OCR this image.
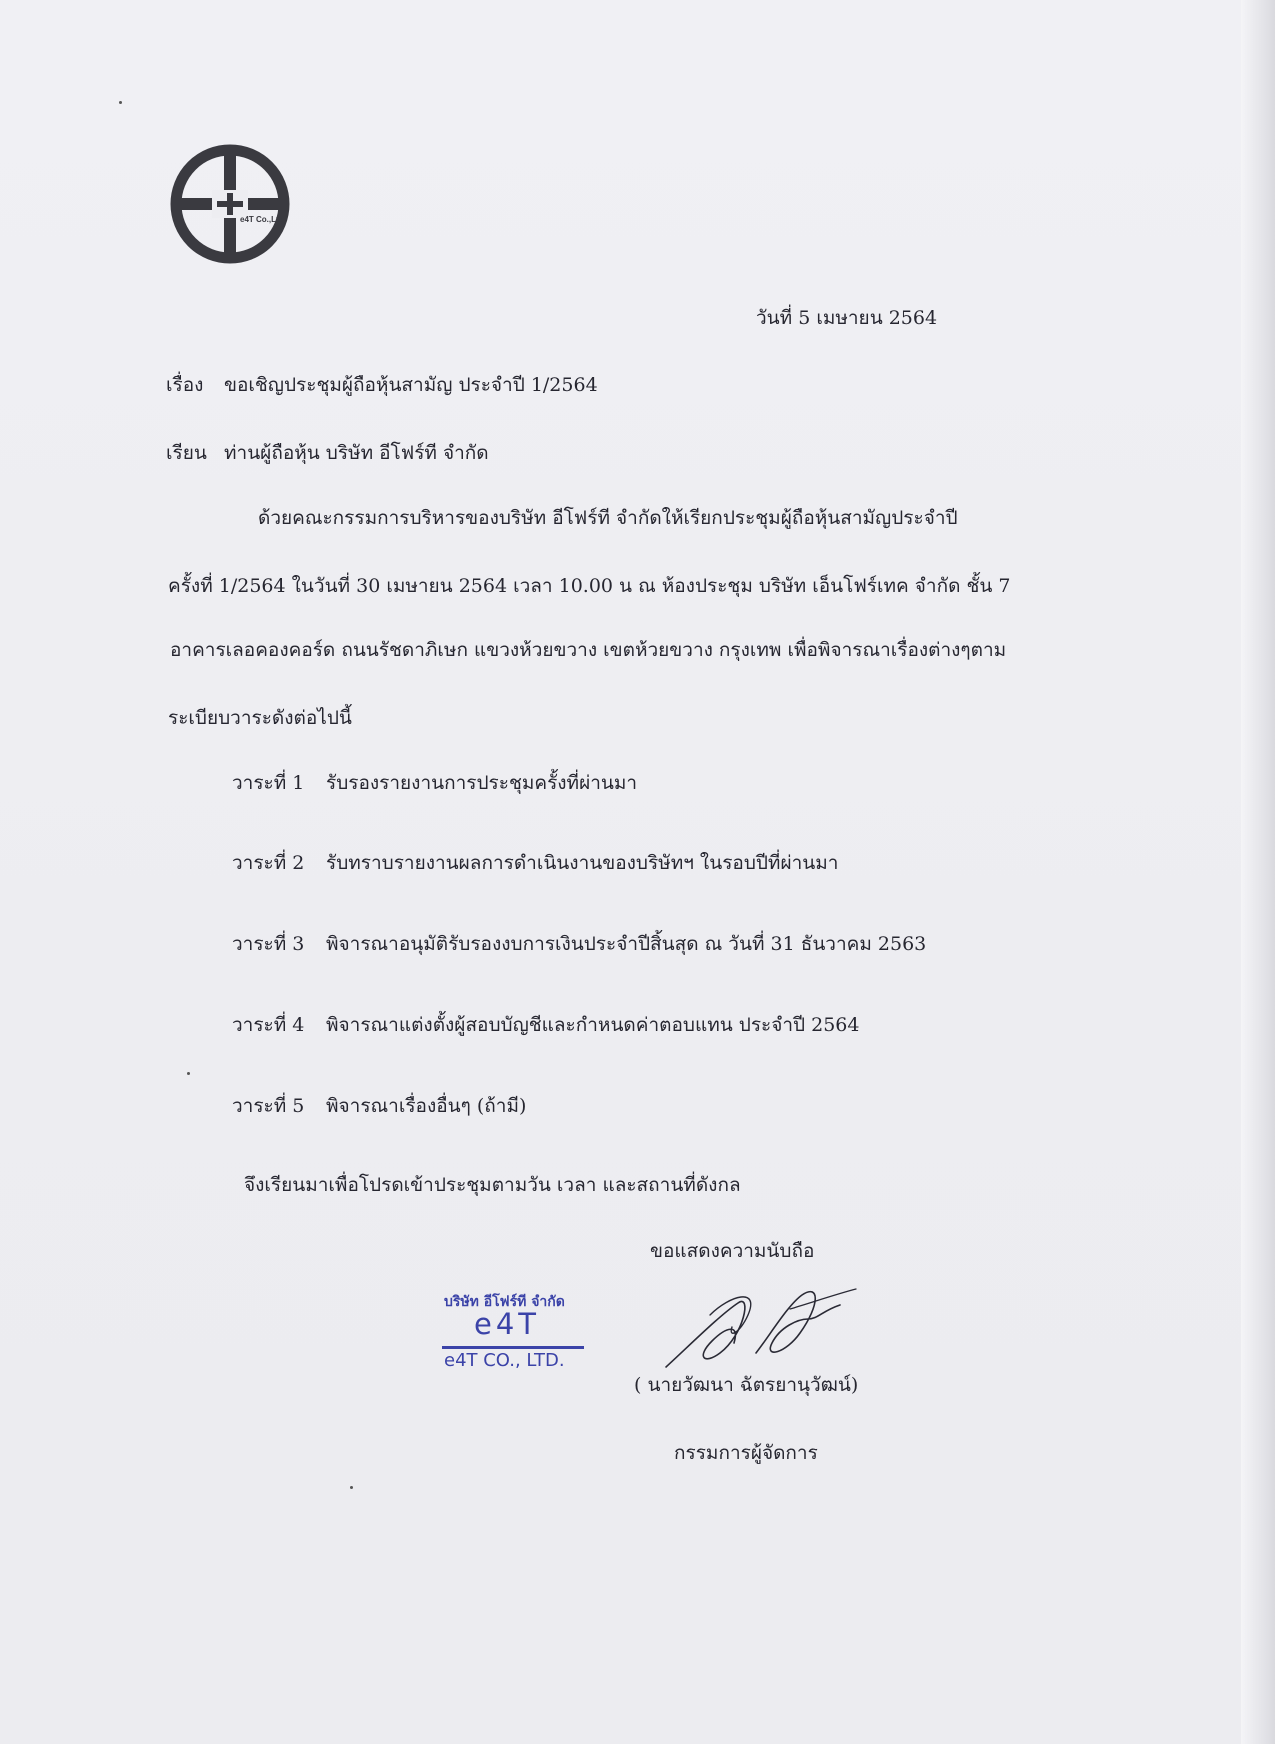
e4T Co.,Ltd
วันที่ 5 เมษายน 2564
เรื่อง ขอเชิญประชุมผู้ถือหุ้นสามัญ ประจำปี 1/2564
เรียน ท่านผู้ถือหุ้น บริษัท อีโฟร์ที จำกัด
ด้วยคณะกรรมการบริหารของบริษัท อีโฟร์ที จำกัดให้เรียกประชุมผู้ถือหุ้นสามัญประจำปี
ครั้งที่ 1/2564 ในวันที่ 30 เมษายน 2564 เวลา 10.00 น ณ ห้องประชุม บริษัท เอ็นโฟร์เทค จำกัด ชั้น 7
อาคารเลอคองคอร์ด ถนนรัชดาภิเษก แขวงห้วยขวาง เขตห้วยขวาง กรุงเทพ เพื่อพิจารณาเรื่องต่างๆตาม
ระเบียบวาระดังต่อไปนี้
วาระที่ 1 รับรองรายงานการประชุมครั้งที่ผ่านมา
วาระที่ 2 รับทราบรายงานผลการดำเนินงานของบริษัทฯ ในรอบปีที่ผ่านมา
วาระที่ 3 พิจารณาอนุมัติรับรองงบการเงินประจำปีสิ้นสุด ณ วันที่ 31 ธันวาคม 2563
วาระที่ 4 พิจารณาแต่งตั้งผู้สอบบัญชีและกำหนดค่าตอบแทน ประจำปี 2564
วาระที่ 5 พิจารณาเรื่องอื่นๆ (ถ้ามี)
จึงเรียนมาเพื่อโปรดเข้าประชุมตามวัน เวลา และสถานที่ดังกล
ขอแสดงความนับถือ
บริษัท อีโฟร์ที จำกัด
e4T
e4T CO., LTD.
( นายวัฒนา ฉัตรยานุวัฒน์)
กรรมการผู้จัดการ
